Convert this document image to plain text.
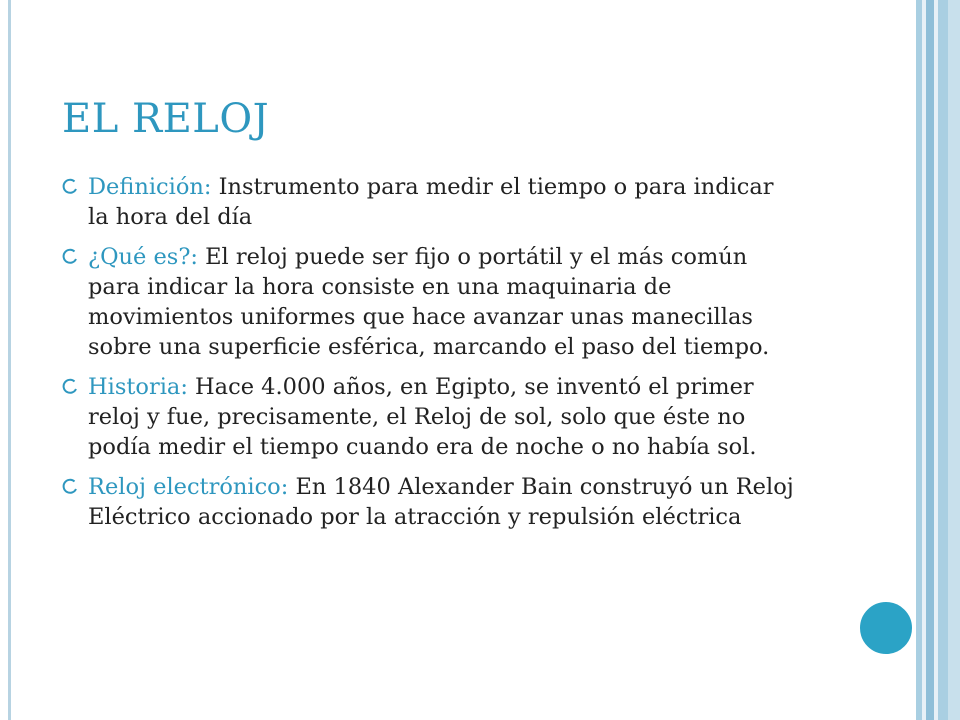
EL RELOJ
Definición: Instrumento para medir el tiempo o para indicar la hora del día
¿Qué es?: El reloj puede ser fijo o portátil y el más común para indicar la hora consiste en una maquinaria de movimientos uniformes que hace avanzar unas manecillas sobre una superficie esférica, marcando el paso del tiempo.
Historia: Hace 4.000 años, en Egipto, se inventó el primer reloj y fue, precisamente, el Reloj de sol, solo que éste no podía medir el tiempo cuando era de noche o no había sol.
Reloj electrónico: En 1840 Alexander Bain construyó un Reloj Eléctrico accionado por la atracción y repulsión eléctrica
